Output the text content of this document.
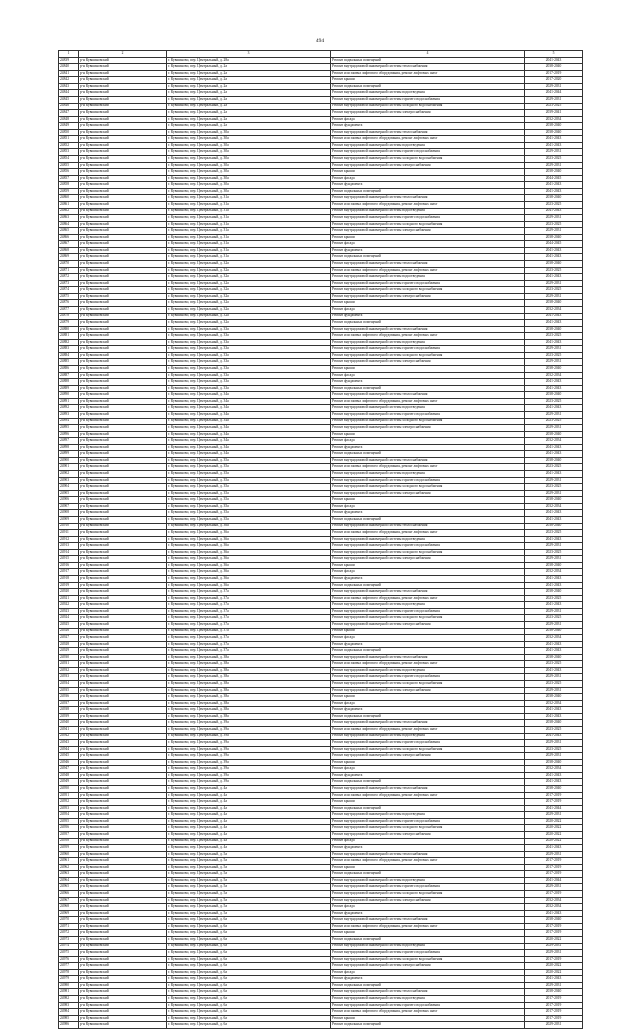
494
1	2	3	4	5
24839	р-н Кувшиновский	г. Кувшиново, пер. Центральный, д. 28а	Ремонт подвальных помещений	2041-2043
24840	р-н Кувшиновский	г. Кувшиново, пер. Центральный, д. 2а	Ремонт внутридомовой инженерной системы теплоснабжения	2038-2040
24841	р-н Кувшиновский	г. Кувшиново, пер. Центральный, д. 2а	Ремонт или замена лифтового оборудования, ремонт лифтовых шахт	2017-2019
24842	р-н Кувшиновский	г. Кувшиново, пер. Центральный, д. 2а	Ремонт крыши	2017-2020
24843	р-н Кувшиновский	г. Кувшиново, пер. Центральный, д. 2а	Ремонт подвальных помещений	2029-2031
24844	р-н Кувшиновский	г. Кувшиново, пер. Центральный, д. 2а	Ремонт внутридомовой инженерной системы водоотведения	2041-2044
24845	р-н Кувшиновский	г. Кувшиново, пер. Центральный, д. 2а	Ремонт внутридомовой инженерной системы горячего водоснабжения	2029-2031
24846	р-н Кувшиновский	г. Кувшиново, пер. Центральный, д. 2а	Ремонт внутридомовой инженерной системы холодного водоснабжения	2023-2025
24847	р-н Кувшиновский	г. Кувшиново, пер. Центральный, д. 2а	Ремонт внутридомовой инженерной системы электроснабжения	2039-2041
24848	р-н Кувшиновский	г. Кувшиново, пер. Центральный, д. 2а	Ремонт фасада	2032-2034
24849	р-н Кувшиновский	г. Кувшиново, пер. Центральный, д. 2а	Ремонт фундамента	2038-2040
24850	р-н Кувшиновский	г. Кувшиново, пер. Центральный, д. 30а	Ремонт внутридомовой инженерной системы теплоснабжения	2038-2040
24851	р-н Кувшиновский	г. Кувшиново, пер. Центральный, д. 30а	Ремонт или замена лифтового оборудования, ремонт лифтовых шахт	2041-2043
24852	р-н Кувшиновский	г. Кувшиново, пер. Центральный, д. 30а	Ремонт внутридомовой инженерной системы водоотведения	2041-2043
24853	р-н Кувшиновский	г. Кувшиново, пер. Центральный, д. 30а	Ремонт внутридомовой инженерной системы горячего водоснабжения	2029-2031
24854	р-н Кувшиновский	г. Кувшиново, пер. Центральный, д. 30а	Ремонт внутридомовой инженерной системы холодного водоснабжения	2023-2025
24855	р-н Кувшиновский	г. Кувшиново, пер. Центральный, д. 30а	Ремонт внутридомовой инженерной системы электроснабжения	2029-2031
24856	р-н Кувшиновский	г. Кувшиново, пер. Центральный, д. 30а	Ремонт крыши	2038-2040
24857	р-н Кувшиновский	г. Кувшиново, пер. Центральный, д. 30а	Ремонт фасада	2044-2045
24858	р-н Кувшиновский	г. Кувшиново, пер. Центральный, д. 30а	Ремонт фундамента	2041-2043
24859	р-н Кувшиновский	г. Кувшиново, пер. Центральный, д. 30а	Ремонт подвальных помещений	2041-2043
24860	р-н Кувшиновский	г. Кувшиново, пер. Центральный, д. 31а	Ремонт внутридомовой инженерной системы теплоснабжения	2038-2040
24861	р-н Кувшиновский	г. Кувшиново, пер. Центральный, д. 31а	Ремонт или замена лифтового оборудования, ремонт лифтовых шахт	2023-2025
24862	р-н Кувшиновский	г. Кувшиново, пер. Центральный, д. 31а	Ремонт внутридомовой инженерной системы водоотведения	2041-2043
24863	р-н Кувшиновский	г. Кувшиново, пер. Центральный, д. 31а	Ремонт внутридомовой инженерной системы горячего водоснабжения	2029-2031
24864	р-н Кувшиновский	г. Кувшиново, пер. Центральный, д. 31а	Ремонт внутридомовой инженерной системы холодного водоснабжения	2023-2025
24865	р-н Кувшиновский	г. Кувшиново, пер. Центральный, д. 31а	Ремонт внутридомовой инженерной системы электроснабжения	2029-2031
24866	р-н Кувшиновский	г. Кувшиново, пер. Центральный, д. 31а	Ремонт крыши	2038-2040
24867	р-н Кувшиновский	г. Кувшиново, пер. Центральный, д. 31а	Ремонт фасада	2044-2045
24868	р-н Кувшиновский	г. Кувшиново, пер. Центральный, д. 31а	Ремонт фундамента	2041-2043
24869	р-н Кувшиновский	г. Кувшиново, пер. Центральный, д. 31а	Ремонт подвальных помещений	2041-2043
24870	р-н Кувшиновский	г. Кувшиново, пер. Центральный, д. 32а	Ремонт внутридомовой инженерной системы теплоснабжения	2038-2040
24871	р-н Кувшиновский	г. Кувшиново, пер. Центральный, д. 32а	Ремонт или замена лифтового оборудования, ремонт лифтовых шахт	2023-2025
24872	р-н Кувшиновский	г. Кувшиново, пер. Центральный, д. 32а	Ремонт внутридомовой инженерной системы водоотведения	2041-2043
24873	р-н Кувшиновский	г. Кувшиново, пер. Центральный, д. 32а	Ремонт внутридомовой инженерной системы горячего водоснабжения	2029-2031
24874	р-н Кувшиновский	г. Кувшиново, пер. Центральный, д. 32а	Ремонт внутридомовой инженерной системы холодного водоснабжения	2023-2025
24875	р-н Кувшиновский	г. Кувшиново, пер. Центральный, д. 32а	Ремонт внутридомовой инженерной системы электроснабжения	2029-2031
24876	р-н Кувшиновский	г. Кувшиново, пер. Центральный, д. 32а	Ремонт крыши	2038-2040
24877	р-н Кувшиновский	г. Кувшиново, пер. Центральный, д. 32а	Ремонт фасада	2032-2034
24878	р-н Кувшиновский	г. Кувшиново, пер. Центральный, д. 32а	Ремонт фундамента	2041-2043
24879	р-н Кувшиновский	г. Кувшиново, пер. Центральный, д. 32а	Ремонт подвальных помещений	2041-2043
24880	р-н Кувшиновский	г. Кувшиново, пер. Центральный, д. 33а	Ремонт внутридомовой инженерной системы теплоснабжения	2038-2040
24881	р-н Кувшиновский	г. Кувшиново, пер. Центральный, д. 33а	Ремонт или замена лифтового оборудования, ремонт лифтовых шахт	2023-2025
24882	р-н Кувшиновский	г. Кувшиново, пер. Центральный, д. 33а	Ремонт внутридомовой инженерной системы водоотведения	2041-2043
24883	р-н Кувшиновский	г. Кувшиново, пер. Центральный, д. 33а	Ремонт внутридомовой инженерной системы горячего водоснабжения	2029-2031
24884	р-н Кувшиновский	г. Кувшиново, пер. Центральный, д. 33а	Ремонт внутридомовой инженерной системы холодного водоснабжения	2023-2025
24885	р-н Кувшиновский	г. Кувшиново, пер. Центральный, д. 33а	Ремонт внутридомовой инженерной системы электроснабжения	2029-2031
24886	р-н Кувшиновский	г. Кувшиново, пер. Центральный, д. 33а	Ремонт крыши	2038-2040
24887	р-н Кувшиновский	г. Кувшиново, пер. Центральный, д. 33а	Ремонт фасада	2032-2034
24888	р-н Кувшиновский	г. Кувшиново, пер. Центральный, д. 33а	Ремонт фундамента	2041-2043
24889	р-н Кувшиновский	г. Кувшиново, пер. Центральный, д. 33а	Ремонт подвальных помещений	2041-2043
24890	р-н Кувшиновский	г. Кувшиново, пер. Центральный, д. 34а	Ремонт внутридомовой инженерной системы теплоснабжения	2038-2040
24891	р-н Кувшиновский	г. Кувшиново, пер. Центральный, д. 34а	Ремонт или замена лифтового оборудования, ремонт лифтовых шахт	2023-2025
24892	р-н Кувшиновский	г. Кувшиново, пер. Центральный, д. 34а	Ремонт внутридомовой инженерной системы водоотведения	2041-2043
24893	р-н Кувшиновский	г. Кувшиново, пер. Центральный, д. 34а	Ремонт внутридомовой инженерной системы горячего водоснабжения	2029-2031
24894	р-н Кувшиновский	г. Кувшиново, пер. Центральный, д. 34а	Ремонт внутридомовой инженерной системы холодного водоснабжения	2023-2025
24895	р-н Кувшиновский	г. Кувшиново, пер. Центральный, д. 34а	Ремонт внутридомовой инженерной системы электроснабжения	2029-2031
24896	р-н Кувшиновский	г. Кувшиново, пер. Центральный, д. 34а	Ремонт крыши	2038-2040
24897	р-н Кувшиновский	г. Кувшиново, пер. Центральный, д. 34а	Ремонт фасада	2032-2034
24898	р-н Кувшиновский	г. Кувшиново, пер. Центральный, д. 34а	Ремонт фундамента	2041-2043
24899	р-н Кувшиновский	г. Кувшиново, пер. Центральный, д. 34а	Ремонт подвальных помещений	2041-2043
24900	р-н Кувшиновский	г. Кувшиново, пер. Центральный, д. 35а	Ремонт внутридомовой инженерной системы теплоснабжения	2038-2040
24901	р-н Кувшиновский	г. Кувшиново, пер. Центральный, д. 35а	Ремонт или замена лифтового оборудования, ремонт лифтовых шахт	2023-2025
24902	р-н Кувшиновский	г. Кувшиново, пер. Центральный, д. 35а	Ремонт внутридомовой инженерной системы водоотведения	2041-2043
24903	р-н Кувшиновский	г. Кувшиново, пер. Центральный, д. 35а	Ремонт внутридомовой инженерной системы горячего водоснабжения	2029-2031
24904	р-н Кувшиновский	г. Кувшиново, пер. Центральный, д. 35а	Ремонт внутридомовой инженерной системы холодного водоснабжения	2023-2025
24905	р-н Кувшиновский	г. Кувшиново, пер. Центральный, д. 35а	Ремонт внутридомовой инженерной системы электроснабжения	2029-2031
24906	р-н Кувшиновский	г. Кувшиново, пер. Центральный, д. 35а	Ремонт крыши	2038-2040
24907	р-н Кувшиновский	г. Кувшиново, пер. Центральный, д. 35а	Ремонт фасада	2032-2034
24908	р-н Кувшиновский	г. Кувшиново, пер. Центральный, д. 35а	Ремонт фундамента	2041-2043
24909	р-н Кувшиновский	г. Кувшиново, пер. Центральный, д. 35а	Ремонт подвальных помещений	2041-2043
24910	р-н Кувшиновский	г. Кувшиново, пер. Центральный, д. 36а	Ремонт внутридомовой инженерной системы теплоснабжения	2038-2040
24911	р-н Кувшиновский	г. Кувшиново, пер. Центральный, д. 36а	Ремонт или замена лифтового оборудования, ремонт лифтовых шахт	2023-2025
24912	р-н Кувшиновский	г. Кувшиново, пер. Центральный, д. 36а	Ремонт внутридомовой инженерной системы водоотведения	2041-2043
24913	р-н Кувшиновский	г. Кувшиново, пер. Центральный, д. 36а	Ремонт внутридомовой инженерной системы горячего водоснабжения	2029-2031
24914	р-н Кувшиновский	г. Кувшиново, пер. Центральный, д. 36а	Ремонт внутридомовой инженерной системы холодного водоснабжения	2023-2025
24915	р-н Кувшиновский	г. Кувшиново, пер. Центральный, д. 36а	Ремонт внутридомовой инженерной системы электроснабжения	2029-2031
24916	р-н Кувшиновский	г. Кувшиново, пер. Центральный, д. 36а	Ремонт крыши	2038-2040
24917	р-н Кувшиновский	г. Кувшиново, пер. Центральный, д. 36а	Ремонт фасада	2032-2034
24918	р-н Кувшиновский	г. Кувшиново, пер. Центральный, д. 36а	Ремонт фундамента	2041-2043
24919	р-н Кувшиновский	г. Кувшиново, пер. Центральный, д. 36а	Ремонт подвальных помещений	2041-2043
24920	р-н Кувшиновский	г. Кувшиново, пер. Центральный, д. 37а	Ремонт внутридомовой инженерной системы теплоснабжения	2038-2040
24921	р-н Кувшиновский	г. Кувшиново, пер. Центральный, д. 37а	Ремонт или замена лифтового оборудования, ремонт лифтовых шахт	2023-2025
24922	р-н Кувшиновский	г. Кувшиново, пер. Центральный, д. 37а	Ремонт внутридомовой инженерной системы водоотведения	2041-2043
24923	р-н Кувшиновский	г. Кувшиново, пер. Центральный, д. 37а	Ремонт внутридомовой инженерной системы горячего водоснабжения	2029-2031
24924	р-н Кувшиновский	г. Кувшиново, пер. Центральный, д. 37а	Ремонт внутридомовой инженерной системы холодного водоснабжения	2023-2025
24925	р-н Кувшиновский	г. Кувшиново, пер. Центральный, д. 37а	Ремонт внутридомовой инженерной системы электроснабжения	2029-2031
24926	р-н Кувшиновский	г. Кувшиново, пер. Центральный, д. 37а	Ремонт крыши	2038-2040
24927	р-н Кувшиновский	г. Кувшиново, пер. Центральный, д. 37а	Ремонт фасада	2032-2034
24928	р-н Кувшиновский	г. Кувшиново, пер. Центральный, д. 37а	Ремонт фундамента	2041-2043
24929	р-н Кувшиновский	г. Кувшиново, пер. Центральный, д. 37а	Ремонт подвальных помещений	2041-2043
24930	р-н Кувшиновский	г. Кувшиново, пер. Центральный, д. 38а	Ремонт внутридомовой инженерной системы теплоснабжения	2038-2040
24931	р-н Кувшиновский	г. Кувшиново, пер. Центральный, д. 38а	Ремонт или замена лифтового оборудования, ремонт лифтовых шахт	2023-2025
24932	р-н Кувшиновский	г. Кувшиново, пер. Центральный, д. 38а	Ремонт внутридомовой инженерной системы водоотведения	2041-2043
24933	р-н Кувшиновский	г. Кувшиново, пер. Центральный, д. 38а	Ремонт внутридомовой инженерной системы горячего водоснабжения	2029-2031
24934	р-н Кувшиновский	г. Кувшиново, пер. Центральный, д. 38а	Ремонт внутридомовой инженерной системы холодного водоснабжения	2023-2025
24935	р-н Кувшиновский	г. Кувшиново, пер. Центральный, д. 38а	Ремонт внутридомовой инженерной системы электроснабжения	2029-2031
24936	р-н Кувшиновский	г. Кувшиново, пер. Центральный, д. 38а	Ремонт крыши	2038-2040
24937	р-н Кувшиновский	г. Кувшиново, пер. Центральный, д. 38а	Ремонт фасада	2032-2034
24938	р-н Кувшиновский	г. Кувшиново, пер. Центральный, д. 38а	Ремонт фундамента	2041-2043
24939	р-н Кувшиновский	г. Кувшиново, пер. Центральный, д. 38а	Ремонт подвальных помещений	2041-2043
24940	р-н Кувшиновский	г. Кувшиново, пер. Центральный, д. 39а	Ремонт внутридомовой инженерной системы теплоснабжения	2038-2040
24941	р-н Кувшиновский	г. Кувшиново, пер. Центральный, д. 39а	Ремонт или замена лифтового оборудования, ремонт лифтовых шахт	2023-2025
24942	р-н Кувшиновский	г. Кувшиново, пер. Центральный, д. 39а	Ремонт внутридомовой инженерной системы водоотведения	2041-2043
24943	р-н Кувшиновский	г. Кувшиново, пер. Центральный, д. 39а	Ремонт внутридомовой инженерной системы горячего водоснабжения	2029-2031
24944	р-н Кувшиновский	г. Кувшиново, пер. Центральный, д. 39а	Ремонт внутридомовой инженерной системы холодного водоснабжения	2023-2025
24945	р-н Кувшиновский	г. Кувшиново, пер. Центральный, д. 39а	Ремонт внутридомовой инженерной системы электроснабжения	2029-2031
24946	р-н Кувшиновский	г. Кувшиново, пер. Центральный, д. 39а	Ремонт крыши	2038-2040
24947	р-н Кувшиновский	г. Кувшиново, пер. Центральный, д. 39а	Ремонт фасада	2032-2034
24948	р-н Кувшиновский	г. Кувшиново, пер. Центральный, д. 39а	Ремонт фундамента	2041-2043
24949	р-н Кувшиновский	г. Кувшиново, пер. Центральный, д. 39а	Ремонт подвальных помещений	2041-2043
24950	р-н Кувшиновский	г. Кувшиново, пер. Центральный, д. 4а	Ремонт внутридомовой инженерной системы теплоснабжения	2038-2040
24951	р-н Кувшиновский	г. Кувшиново, пер. Центральный, д. 4а	Ремонт или замена лифтового оборудования, ремонт лифтовых шахт	2017-2019
24952	р-н Кувшиновский	г. Кувшиново, пер. Центральный, д. 4а	Ремонт крыши	2017-2019
24953	р-н Кувшиновский	г. Кувшиново, пер. Центральный, д. 4а	Ремонт подвальных помещений	2041-2044
24954	р-н Кувшиновский	г. Кувшиново, пер. Центральный, д. 4а	Ремонт внутридомовой инженерной системы водоотведения	2029-2031
24955	р-н Кувшиновский	г. Кувшиново, пер. Центральный, д. 4а	Ремонт внутридомовой инженерной системы горячего водоснабжения	2020-2022
24956	р-н Кувшиновский	г. Кувшиново, пер. Центральный, д. 4а	Ремонт внутридомовой инженерной системы холодного водоснабжения	2020-2022
24957	р-н Кувшиновский	г. Кувшиново, пер. Центральный, д. 4а	Ремонт внутридомовой инженерной системы электроснабжения	2020-2022
24958	р-н Кувшиновский	г. Кувшиново, пер. Центральный, д. 4а	Ремонт фасада	2020-2022
24959	р-н Кувшиновский	г. Кувшиново, пер. Центральный, д. 4а	Ремонт фундамента	2041-2043
24960	р-н Кувшиновский	г. Кувшиново, пер. Центральный, д. 5а	Ремонт внутридомовой инженерной системы теплоснабжения	2029-2031
24961	р-н Кувшиновский	г. Кувшиново, пер. Центральный, д. 5а	Ремонт или замена лифтового оборудования, ремонт лифтовых шахт	2017-2019
24962	р-н Кувшиновский	г. Кувшиново, пер. Центральный, д. 5а	Ремонт крыши	2017-2019
24963	р-н Кувшиновский	г. Кувшиново, пер. Центральный, д. 5а	Ремонт подвальных помещений	2017-2019
24964	р-н Кувшиновский	г. Кувшиново, пер. Центральный, д. 5а	Ремонт внутридомовой инженерной системы водоотведения	2041-2044
24965	р-н Кувшиновский	г. Кувшиново, пер. Центральный, д. 5а	Ремонт внутридомовой инженерной системы горячего водоснабжения	2029-2031
24966	р-н Кувшиновский	г. Кувшиново, пер. Центральный, д. 5а	Ремонт внутридомовой инженерной системы холодного водоснабжения	2017-2019
24967	р-н Кувшиновский	г. Кувшиново, пер. Центральный, д. 5а	Ремонт внутридомовой инженерной системы электроснабжения	2032-2034
24968	р-н Кувшиновский	г. Кувшиново, пер. Центральный, д. 5а	Ремонт фасада	2032-2034
24969	р-н Кувшиновский	г. Кувшиново, пер. Центральный, д. 5а	Ремонт фундамента	2041-2043
24970	р-н Кувшиновский	г. Кувшиново, пер. Центральный, д. 6а	Ремонт внутридомовой инженерной системы теплоснабжения	2038-2040
24971	р-н Кувшиновский	г. Кувшиново, пер. Центральный, д. 6а	Ремонт или замена лифтового оборудования, ремонт лифтовых шахт	2017-2019
24972	р-н Кувшиновский	г. Кувшиново, пер. Центральный, д. 6а	Ремонт крыши	2017-2019
24973	р-н Кувшиновский	г. Кувшиново, пер. Центральный, д. 6а	Ремонт подвальных помещений	2020-2022
24974	р-н Кувшиновский	г. Кувшиново, пер. Центральный, д. 6а	Ремонт внутридомовой инженерной системы водоотведения	2029-2031
24975	р-н Кувшиновский	г. Кувшиново, пер. Центральный, д. 6а	Ремонт внутридомовой инженерной системы горячего водоснабжения	2029-2031
24976	р-н Кувшиновский	г. Кувшиново, пер. Центральный, д. 6а	Ремонт внутридомовой инженерной системы холодного водоснабжения	2017-2019
24977	р-н Кувшиновский	г. Кувшиново, пер. Центральный, д. 6а	Ремонт внутридомовой инженерной системы электроснабжения	2020-2022
24978	р-н Кувшиновский	г. Кувшиново, пер. Центральный, д. 6а	Ремонт фасада	2020-2022
24979	р-н Кувшиновский	г. Кувшиново, пер. Центральный, д. 6а	Ремонт фундамента	2041-2043
24980	р-н Кувшиновский	г. Кувшиново, пер. Центральный, д. 6а	Ремонт подвальных помещений	2029-2031
24981	р-н Кувшиновский	г. Кувшиново, пер. Центральный, д. 6а	Ремонт внутридомовой инженерной системы теплоснабжения	2038-2040
24982	р-н Кувшиновский	г. Кувшиново, пер. Центральный, д. 6а	Ремонт внутридомовой инженерной системы водоотведения	2017-2019
24983	р-н Кувшиновский	г. Кувшиново, пер. Центральный, д. 6а	Ремонт внутридомовой инженерной системы горячего водоснабжения	2017-2019
24984	р-н Кувшиновский	г. Кувшиново, пер. Центральный, д. 6а	Ремонт или замена лифтового оборудования, ремонт лифтовых шахт	2017-2019
24985	р-н Кувшиновский	г. Кувшиново, пер. Центральный, д. 6а	Ремонт крыши	2017-2019
24986	р-н Кувшиновский	г. Кувшиново, пер. Центральный, д. 6а	Ремонт подвальных помещений	2029-2031
